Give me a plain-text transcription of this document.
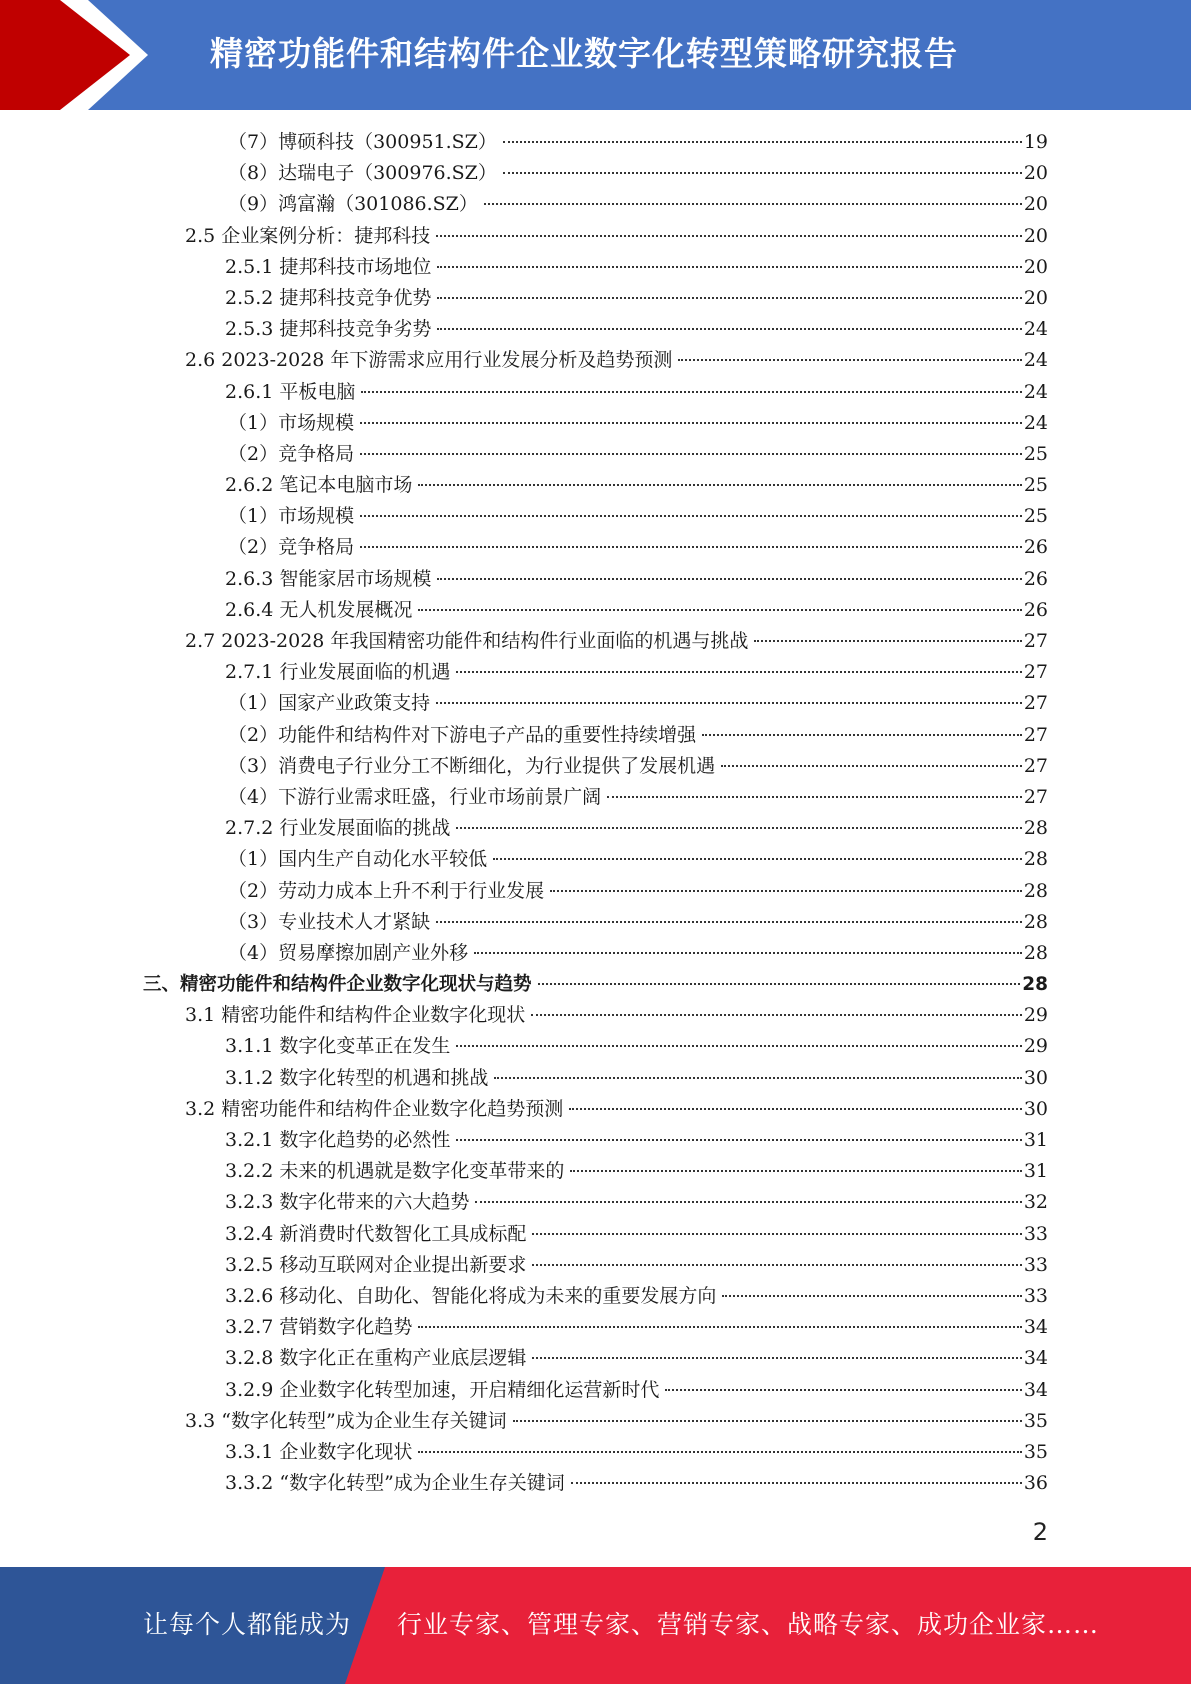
精密功能件和结构件企业数字化转型策略研究报告
（7）博硕科技（300951.SZ）	19
（8）达瑞电子（300976.SZ）	20
（9）鸿富瀚（301086.SZ）	20
2.5 企业案例分析：捷邦科技	20
2.5.1 捷邦科技市场地位	20
2.5.2 捷邦科技竞争优势	20
2.5.3 捷邦科技竞争劣势	24
2.6 2023-2028 年下游需求应用行业发展分析及趋势预测	24
2.6.1 平板电脑	24
（1）市场规模	24
（2）竞争格局	25
2.6.2 笔记本电脑市场	25
（1）市场规模	25
（2）竞争格局	26
2.6.3 智能家居市场规模	26
2.6.4 无人机发展概况	26
2.7 2023-2028 年我国精密功能件和结构件行业面临的机遇与挑战	27
2.7.1 行业发展面临的机遇	27
（1）国家产业政策支持	27
（2）功能件和结构件对下游电子产品的重要性持续增强	27
（3）消费电子行业分工不断细化，为行业提供了发展机遇	27
（4）下游行业需求旺盛，行业市场前景广阔	27
2.7.2 行业发展面临的挑战	28
（1）国内生产自动化水平较低	28
（2）劳动力成本上升不利于行业发展	28
（3）专业技术人才紧缺	28
（4）贸易摩擦加剧产业外移	28
三、精密功能件和结构件企业数字化现状与趋势	28
3.1 精密功能件和结构件企业数字化现状	29
3.1.1 数字化变革正在发生	29
3.1.2 数字化转型的机遇和挑战	30
3.2 精密功能件和结构件企业数字化趋势预测	30
3.2.1 数字化趋势的必然性	31
3.2.2 未来的机遇就是数字化变革带来的	31
3.2.3 数字化带来的六大趋势	32
3.2.4 新消费时代数智化工具成标配	33
3.2.5 移动互联网对企业提出新要求	33
3.2.6 移动化、自助化、智能化将成为未来的重要发展方向	33
3.2.7 营销数字化趋势	34
3.2.8 数字化正在重构产业底层逻辑	34
3.2.9 企业数字化转型加速，开启精细化运营新时代	34
3.3 “数字化转型”成为企业生存关键词	35
3.3.1 企业数字化现状	35
3.3.2 “数字化转型”成为企业生存关键词	36
2
让每个人都能成为 行业专家、管理专家、营销专家、战略专家、成功企业家……
